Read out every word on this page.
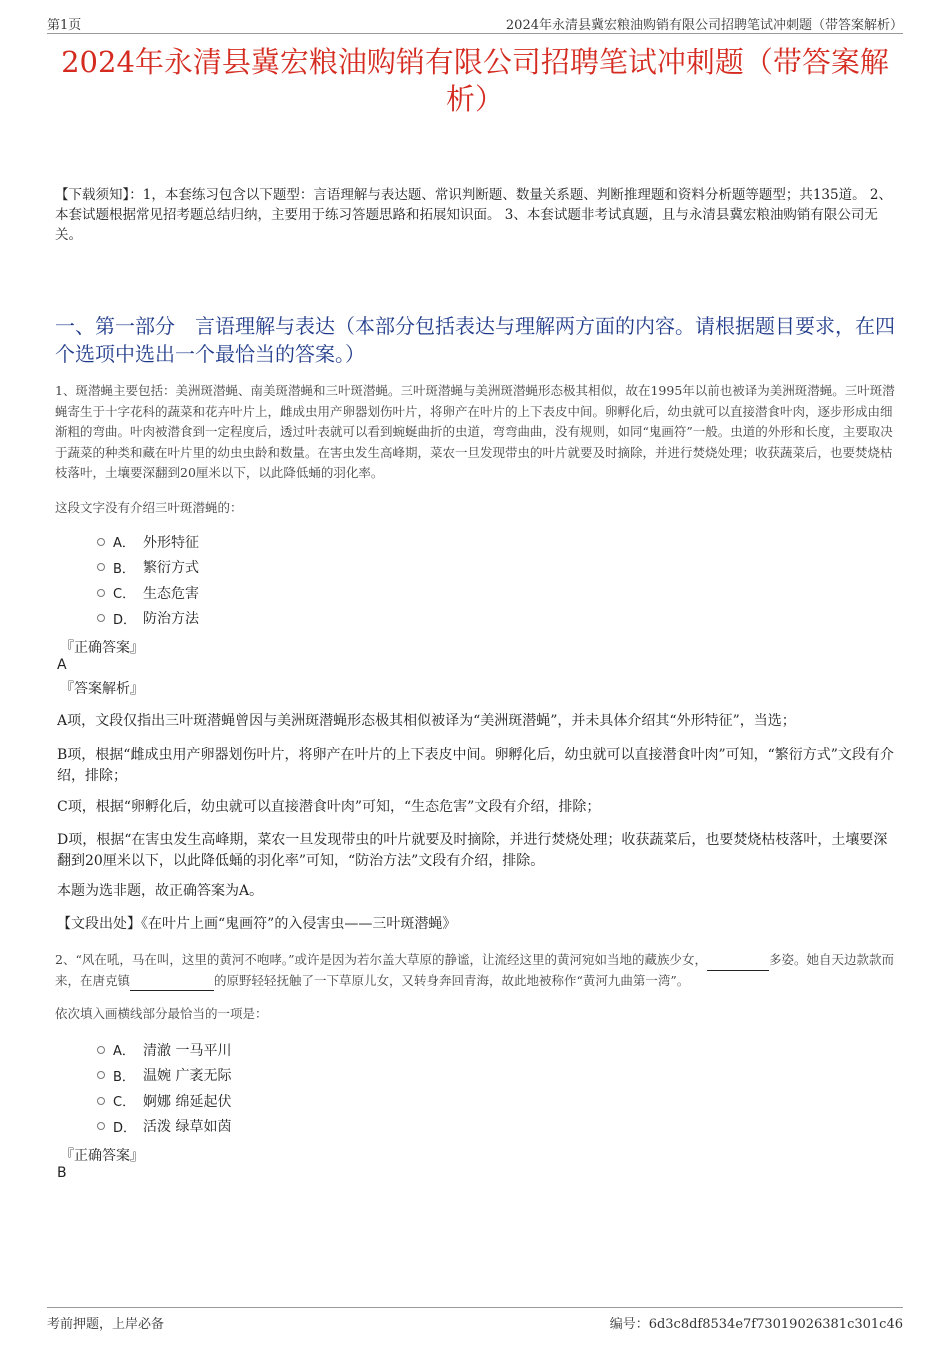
第1页	2024年永清县冀宏粮油购销有限公司招聘笔试冲刺题（带答案解析）
2024年永清县冀宏粮油购销有限公司招聘笔试冲刺题（带答案解析）
【下载须知】：1，本套练习包含以下题型：言语理解与表达题、常识判断题、数量关系题、判断推理题和资料分析题等题型；共135道。 2、本套试题根据常见招考题总结归纳，主要用于练习答题思路和拓展知识面。 3、本套试题非考试真题，且与永清县冀宏粮油购销有限公司无关。
一、第一部分　言语理解与表达（本部分包括表达与理解两方面的内容。请根据题目要求，在四个选项中选出一个最恰当的答案。）
1、斑潜蝇主要包括：美洲斑潜蝇、南美斑潜蝇和三叶斑潜蝇。三叶斑潜蝇与美洲斑潜蝇形态极其相似，故在1995年以前也被译为美洲斑潜蝇。三叶斑潜蝇寄生于十字花科的蔬菜和花卉叶片上，雌成虫用产卵器划伤叶片，将卵产在叶片的上下表皮中间。卵孵化后，幼虫就可以直接潜食叶肉，逐步形成由细渐粗的弯曲。叶肉被潜食到一定程度后，透过叶表就可以看到蜿蜒曲折的虫道，弯弯曲曲，没有规则，如同“鬼画符”一般。虫道的外形和长度，主要取决于蔬菜的种类和藏在叶片里的幼虫虫龄和数量。在害虫发生高峰期，菜农一旦发现带虫的叶片就要及时摘除，并进行焚烧处理；收获蔬菜后，也要焚烧枯枝落叶，土壤要深翻到20厘米以下，以此降低蛹的羽化率。
这段文字没有介绍三叶斑潜蝇的：
A． 外形特征
B． 繁衍方式
C． 生态危害
D． 防治方法
『正确答案』
A
『答案解析』
A项，文段仅指出三叶斑潜蝇曾因与美洲斑潜蝇形态极其相似被译为“美洲斑潜蝇”，并未具体介绍其“外形特征”，当选；
B项，根据“雌成虫用产卵器划伤叶片，将卵产在叶片的上下表皮中间。卵孵化后，幼虫就可以直接潜食叶肉”可知，“繁衍方式”文段有介绍，排除；
C项，根据“卵孵化后，幼虫就可以直接潜食叶肉”可知，“生态危害”文段有介绍，排除；
D项，根据“在害虫发生高峰期，菜农一旦发现带虫的叶片就要及时摘除，并进行焚烧处理；收获蔬菜后，也要焚烧枯枝落叶，土壤要深翻到20厘米以下，以此降低蛹的羽化率”可知，“防治方法”文段有介绍，排除。
本题为选非题，故正确答案为A。
【文段出处】《在叶片上画“鬼画符”的入侵害虫——三叶斑潜蝇》
2、“风在吼，马在叫，这里的黄河不咆哮。”或许是因为若尔盖大草原的静谧，让流经这里的黄河宛如当地的藏族少女，	多姿。她自天边款款而来，在唐克镇	的原野轻轻抚触了一下草原儿女，又转身奔回青海，故此地被称作“黄河九曲第一湾”。
依次填入画横线部分最恰当的一项是：
A． 清澈 一马平川
B． 温婉 广袤无际
C． 婀娜 绵延起伏
D． 活泼 绿草如茵
『正确答案』
B
考前押题，上岸必备	编号：6d3c8df8534e7f73019026381c301c46
